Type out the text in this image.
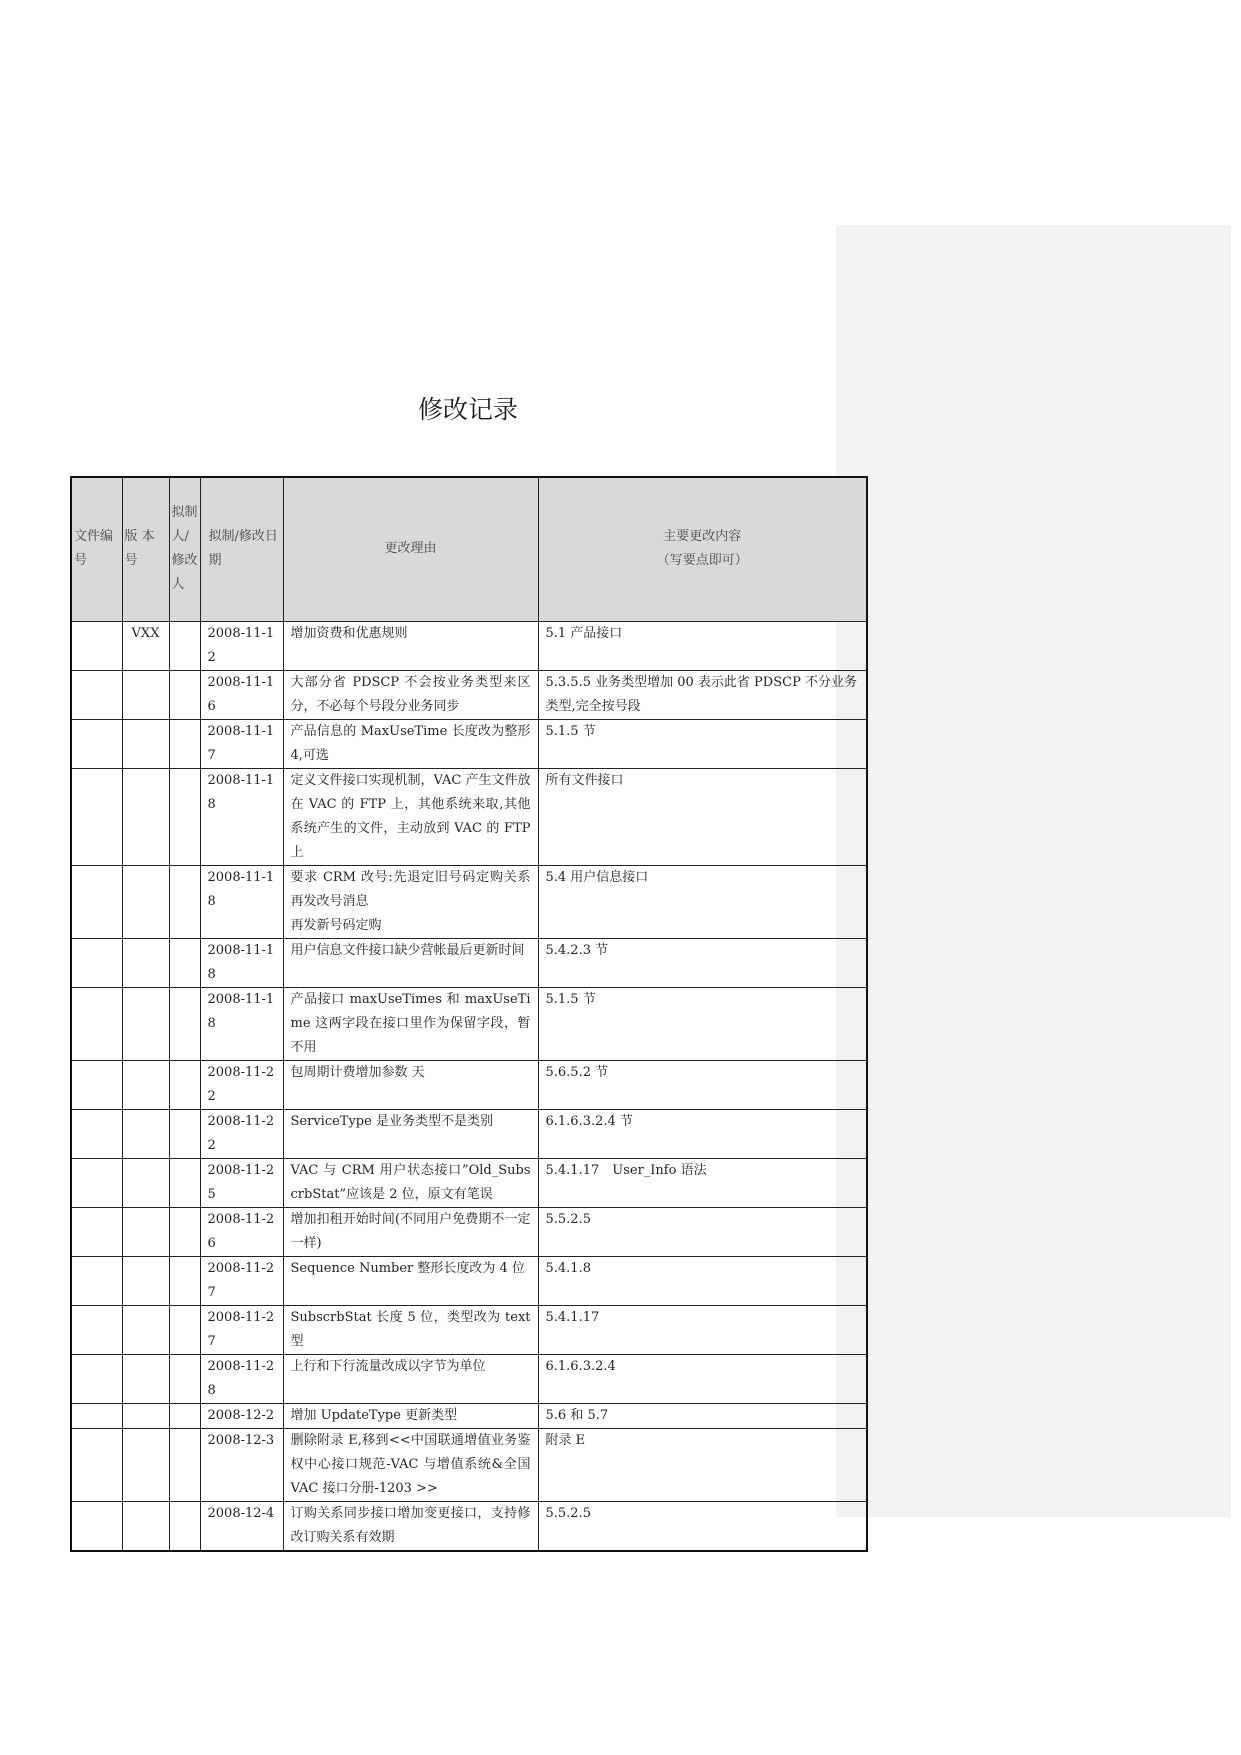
修改记录
文件编号	版 本号	拟制人/修改人	拟制/修改日期	更改理由	主要更改内容
（写要点即可）

	VXX		2008-11-12	增加资费和优惠规则	5.1 产品接口

			2008-11-16	大部分省 PDSCP 不会按业务类型来区分，不必每个号段分业务同步	5.3.5.5 业务类型增加 00 表示此省 PDSCP 不分业务类型,完全按号段

			2008-11-17	产品信息的 MaxUseTime 长度改为整形 4,可选	5.1.5 节

			2008-11-18	定义文件接口实现机制，VAC 产生文件放在 VAC 的 FTP 上，其他系统来取,其他系统产生的文件，主动放到 VAC 的 FTP 上	所有文件接口

			2008-11-18	要求 CRM 改号:先退定旧号码定购关系再发改号消息
再发新号码定购	5.4 用户信息接口

			2008-11-18	用户信息文件接口缺少营帐最后更新时间	5.4.2.3 节

			2008-11-18	产品接口 maxUseTimes 和 maxUseTime 这两字段在接口里作为保留字段，暂不用	5.1.5 节

			2008-11-22	包周期计费增加参数 天	5.6.5.2 节

			2008-11-22	ServiceType 是业务类型不是类别	6.1.6.3.2.4 节

			2008-11-25	VAC 与 CRM 用户状态接口”Old_SubscrbStat”应该是 2 位，原文有笔误	5.4.1.17　User_Info 语法

			2008-11-26	增加扣租开始时间(不同用户免费期不一定一样)	5.5.2.5

			2008-11-27	Sequence Number 整形长度改为 4 位	5.4.1.8

			2008-11-27	SubscrbStat 长度 5 位，类型改为 text 型	5.4.1.17

			2008-11-28	上行和下行流量改成以字节为单位	6.1.6.3.2.4

			2008-12-2	增加 UpdateType 更新类型	5.6 和 5.7

			2008-12-3	删除附录 E,移到<<中国联通增值业务鉴权中心接口规范-VAC 与增值系统&全国 VAC 接口分册-1203 >>	附录 E

			2008-12-4	订购关系同步接口增加变更接口，支持修改订购关系有效期	5.5.2.5
